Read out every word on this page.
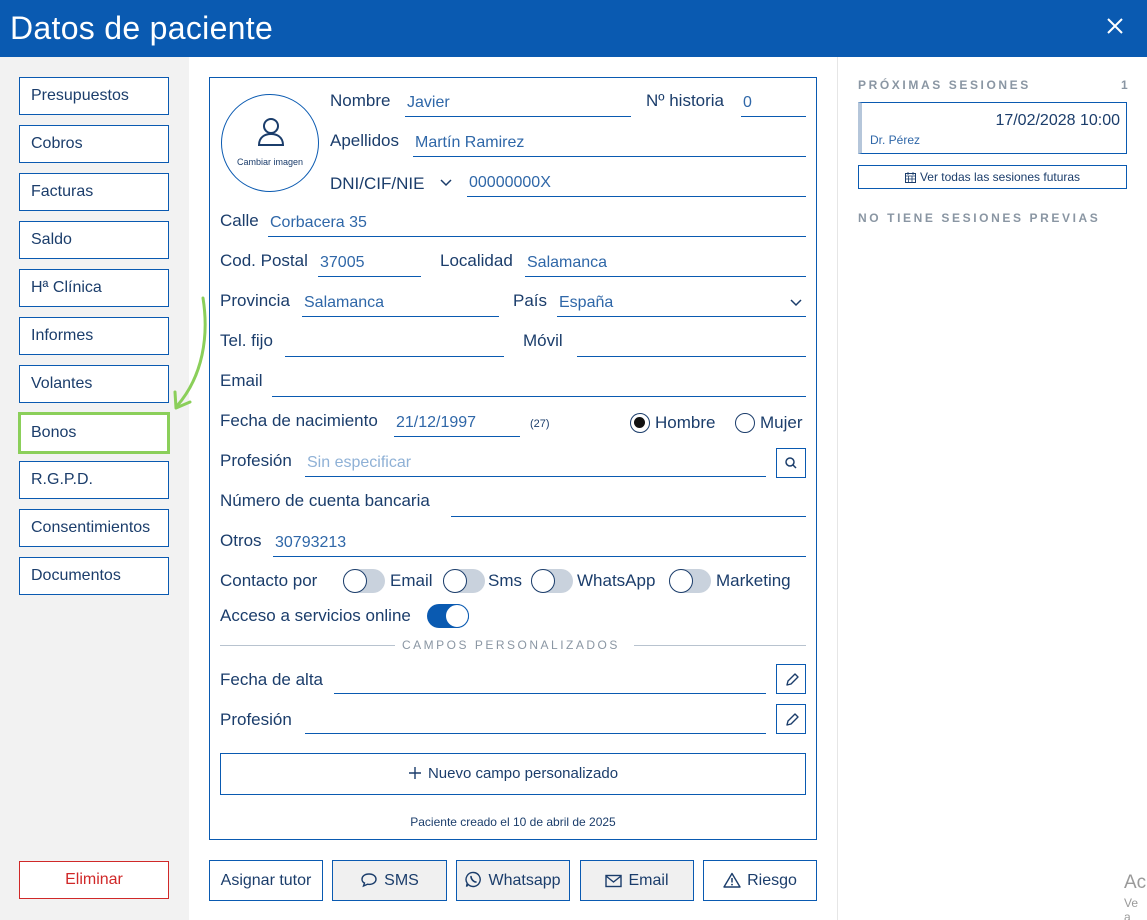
Datos de paciente
Presupuestos
Cobros
Facturas
Saldo
Hª Clínica
Informes
Volantes
Bonos
R.G.P.D.
Consentimientos
Documentos
Eliminar
Cambiar imagen
Nombre Javier	Nº historia 0
Apellidos Martín Ramirez
DNI/CIF/NIE	00000000X
Calle Corbacera 35
Cod. Postal 37005	Localidad Salamanca
Provincia Salamanca	País España
Tel. fijo	Móvil
Email
Fecha de nacimiento 21/12/1997	(27)	Hombre	Mujer
Profesión Sin especificar
Número de cuenta bancaria
Otros 30793213
Contacto por	Email	Sms	WhatsApp	Marketing
Acceso a servicios online
CAMPOS PERSONALIZADOS
Fecha de alta
Profesión
Nuevo campo personalizado
Paciente creado el 10 de abril de 2025
Asignar tutor	SMS	Whatsapp	Email	Riesgo
PRÓXIMAS SESIONES	1
17/02/2028 10:00
Dr. Pérez
Ver todas las sesiones futuras
NO TIENE SESIONES PREVIAS
Ac
Ve a
